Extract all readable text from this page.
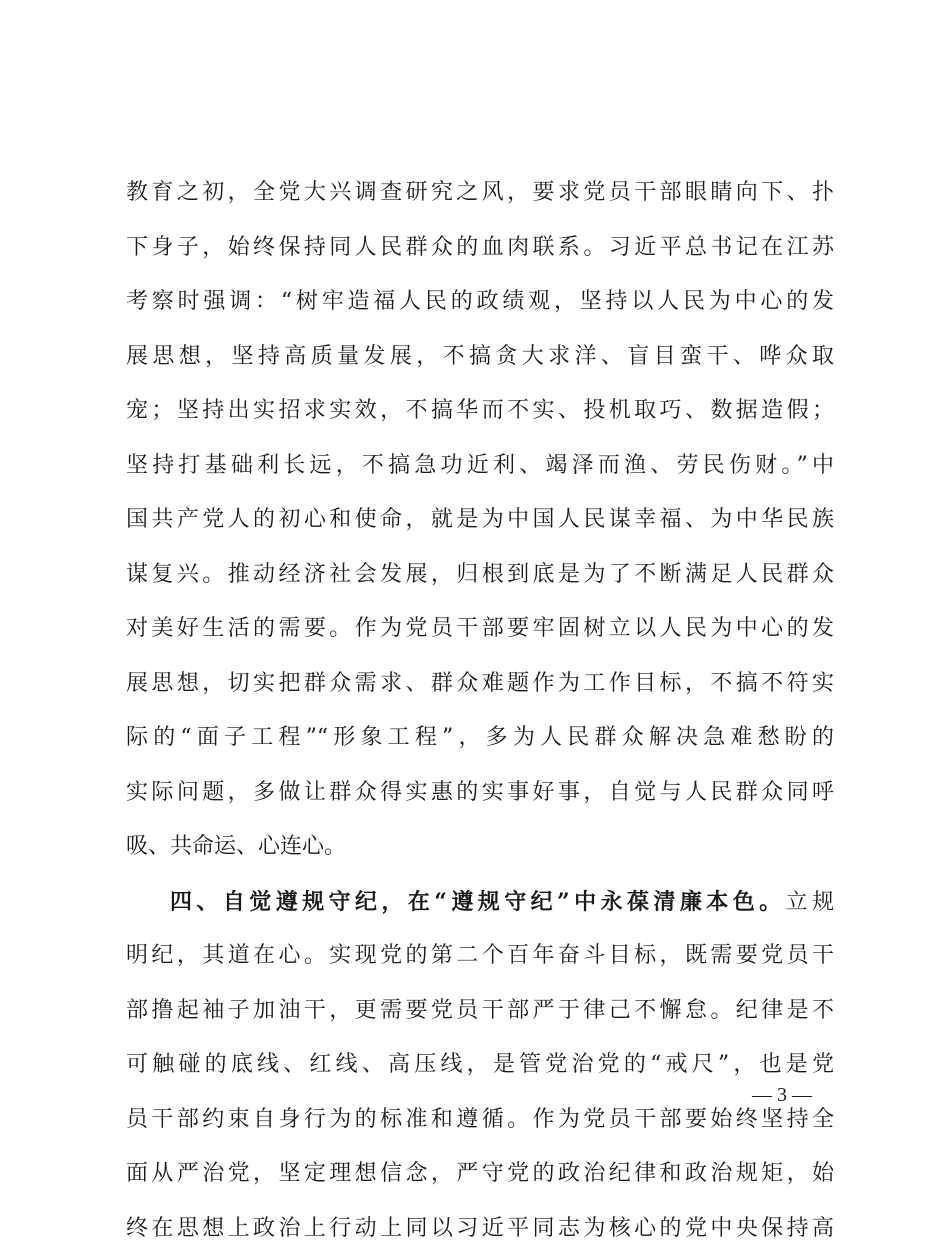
教育之初，全党大兴调查研究之风，要求党员干部眼睛向下、扑
下身子，始终保持同人民群众的血肉联系。习近平总书记在江苏
考察时强调：“树牢造福人民的政绩观，坚持以人民为中心的发
展思想，坚持高质量发展，不搞贪大求洋、盲目蛮干、哗众取
宠；坚持出实招求实效，不搞华而不实、投机取巧、数据造假；
坚持打基础利长远，不搞急功近利、竭泽而渔、劳民伤财。”中
国共产党人的初心和使命，就是为中国人民谋幸福、为中华民族
谋复兴。推动经济社会发展，归根到底是为了不断满足人民群众
对美好生活的需要。作为党员干部要牢固树立以人民为中心的发
展思想，切实把群众需求、群众难题作为工作目标，不搞不符实
际的“面子工程”“形象工程”，多为人民群众解决急难愁盼的
实际问题，多做让群众得实惠的实事好事，自觉与人民群众同呼
吸、共命运、心连心。
四、自觉遵规守纪，在“遵规守纪”中永葆清廉本色。立规
明纪，其道在心。实现党的第二个百年奋斗目标，既需要党员干
部撸起袖子加油干，更需要党员干部严于律己不懈怠。纪律是不
可触碰的底线、红线、高压线，是管党治党的“戒尺”，也是党
员干部约束自身行为的标准和遵循。作为党员干部要始终坚持全
面从严治党，坚定理想信念，严守党的政治纪律和政治规矩，始
终在思想上政治上行动上同以习近平同志为核心的党中央保持高
— 3 —
